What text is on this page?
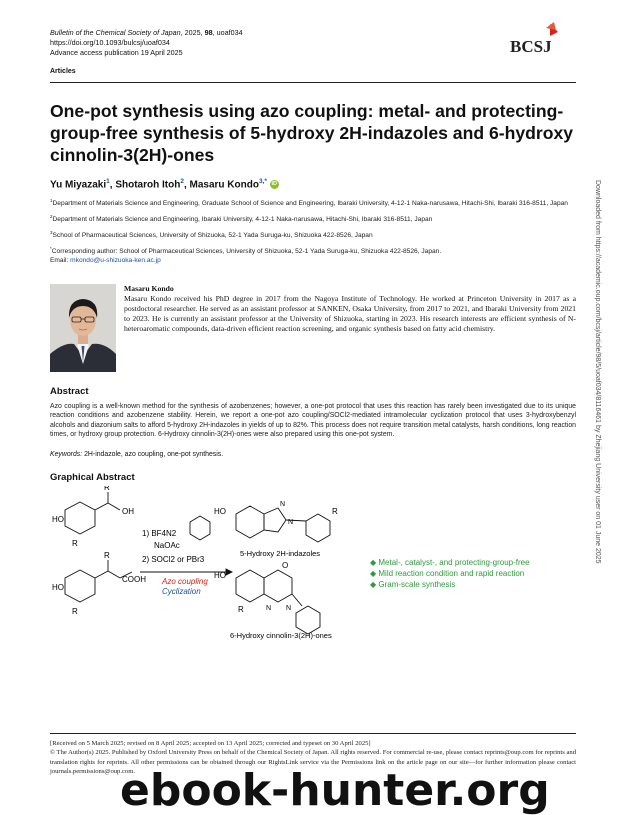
Bulletin of the Chemical Society of Japan, 2025, 98, uoaf034
https://doi.org/10.1093/bulcsj/uoaf034
Advance access publication 19 April 2025	BCSJ
Articles
One-pot synthesis using azo coupling: metal- and protecting-group-free synthesis of 5-hydroxy 2H-indazoles and 6-hydroxy cinnolin-3(2H)-ones
Yu Miyazaki$^1$, Shotaroh Itoh$^2$, Masaru Kondo$^{3,*}$ iD

$^1$Department of Materials Science and Engineering, Graduate School of Science and Engineering, Ibaraki University, 4-12-1 Naka-narusawa, Hitachi-Shi, Ibaraki 316-8511, Japan

$^2$Department of Materials Science and Engineering, Ibaraki University, 4-12-1 Naka-narusawa, Hitachi-Shi, Ibaraki 316-8511, Japan

$^3$School of Pharmaceutical Sciences, University of Shizuoka, 52-1 Yada Suruga-ku, Shizuoka 422-8526, Japan

*Corresponding author: School of Pharmaceutical Sciences, University of Shizuoka, 52-1 Yada Suruga-ku, Shizuoka 422-8526, Japan.
Email: mkondo@u-shizuoka-ken.ac.jp

Masaru Kondo
Masaru Kondo received his PhD degree in 2017 from the Nagoya Institute of Technology. He worked at Princeton University in 2017 as a postdoctoral researcher. He served as an assistant professor at SANKEN, Osaka University, from 2017 to 2021, and Ibaraki University from 2021 to 2023. He is currently an assistant professor at the University of Shizuoka, starting in 2023. His research interests are efficient synthesis of N-heteroaromatic compounds, data-driven efficient reaction screening, and organic synthesis based on fatty acid chemistry.
Abstract
Azo coupling is a well-known method for the synthesis of azobenzenes; however, a one-pot protocol that uses this reaction has rarely been investigated due to its unique reaction conditions and azobenzene stability. Herein, we report a one-pot azo coupling/SOCl2-mediated intramolecular cyclization protocol that uses 3-hydroxybenzyl alcohols and diazonium salts to afford 5-hydroxy 2H-indazoles in yields of up to 82%. This process does not require transition metal catalysts, harsh conditions, long reaction times, or hydroxy group protection. 6-Hydroxy cinnolin-3(2H)-ones were also prepared using this one-pot system.
Keywords: 2H-indazole, azo coupling, one-pot synthesis.
Graphical Abstract
HO
OH
R
R
HO
COOH
R
R
1) BF4N2
NaOAc
2) SOCl2 or PBr3
Azo coupling
Cyclization
HO
N
N
R
5-Hydroxy 2H-indazoles
HO
O
N N
R
6-Hydroxy cinnolin-3(2H)-ones
◆ Metal-, catalyst-, and protecting-group-free
◆ Mild reaction condition and rapid reaction
◆ Gram-scale synthesis

[Received on 5 March 2025; revised on 8 April 2025; accepted on 13 April 2025; corrected and typeset on 30 April 2025]

© The Author(s) 2025. Published by Oxford University Press on behalf of the Chemical Society of Japan. All rights reserved. For commercial re-use, please contact reprints@oup.com for reprints and translation rights for reprints. All other permissions can be obtained through our RightsLink service via the Permissions link on the article page on our site—for further information please contact journals.permissions@oup.com.

Downloaded from https://academic.oup.com/bcsj/article/98/5/uoaf034/8116461 by Zhejiang University user on 01 June 2025
ebook-hunter.org
